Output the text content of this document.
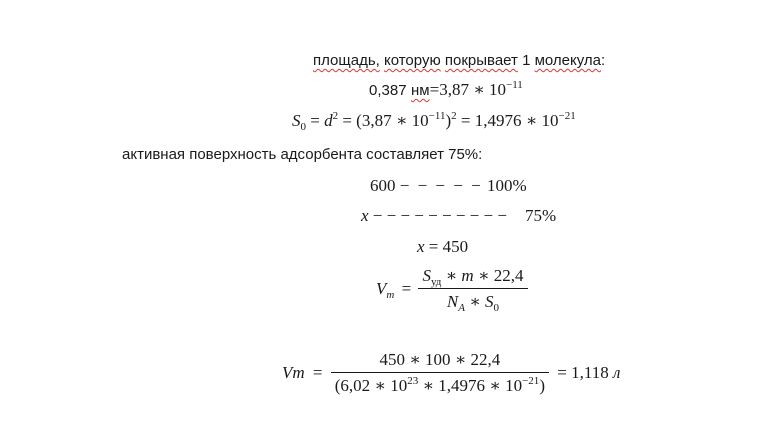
площадь, которую покрывает 1 молекула:
0,387 нм=3,87 ∗ $10^{-11}$
$S_0 = d^2 = (3,87$ ∗ $10^{-11})^2 = 1,4976$ ∗ $10^{-21}$
активная поверхность адсорбента составляет 75%:
600 − − − − − 100%
x − − − − − − − − − − 75%
x = 450
$V_m = \frac{S_{уд} ∗ m ∗ 22,4}{N_A ∗ S_0}$
$Vm = \frac{450 ∗ 100 ∗ 22,4}{(6,02 ∗ 10^{23} ∗ 1,4976 ∗ 10^{-21})} = 1,118$ л
